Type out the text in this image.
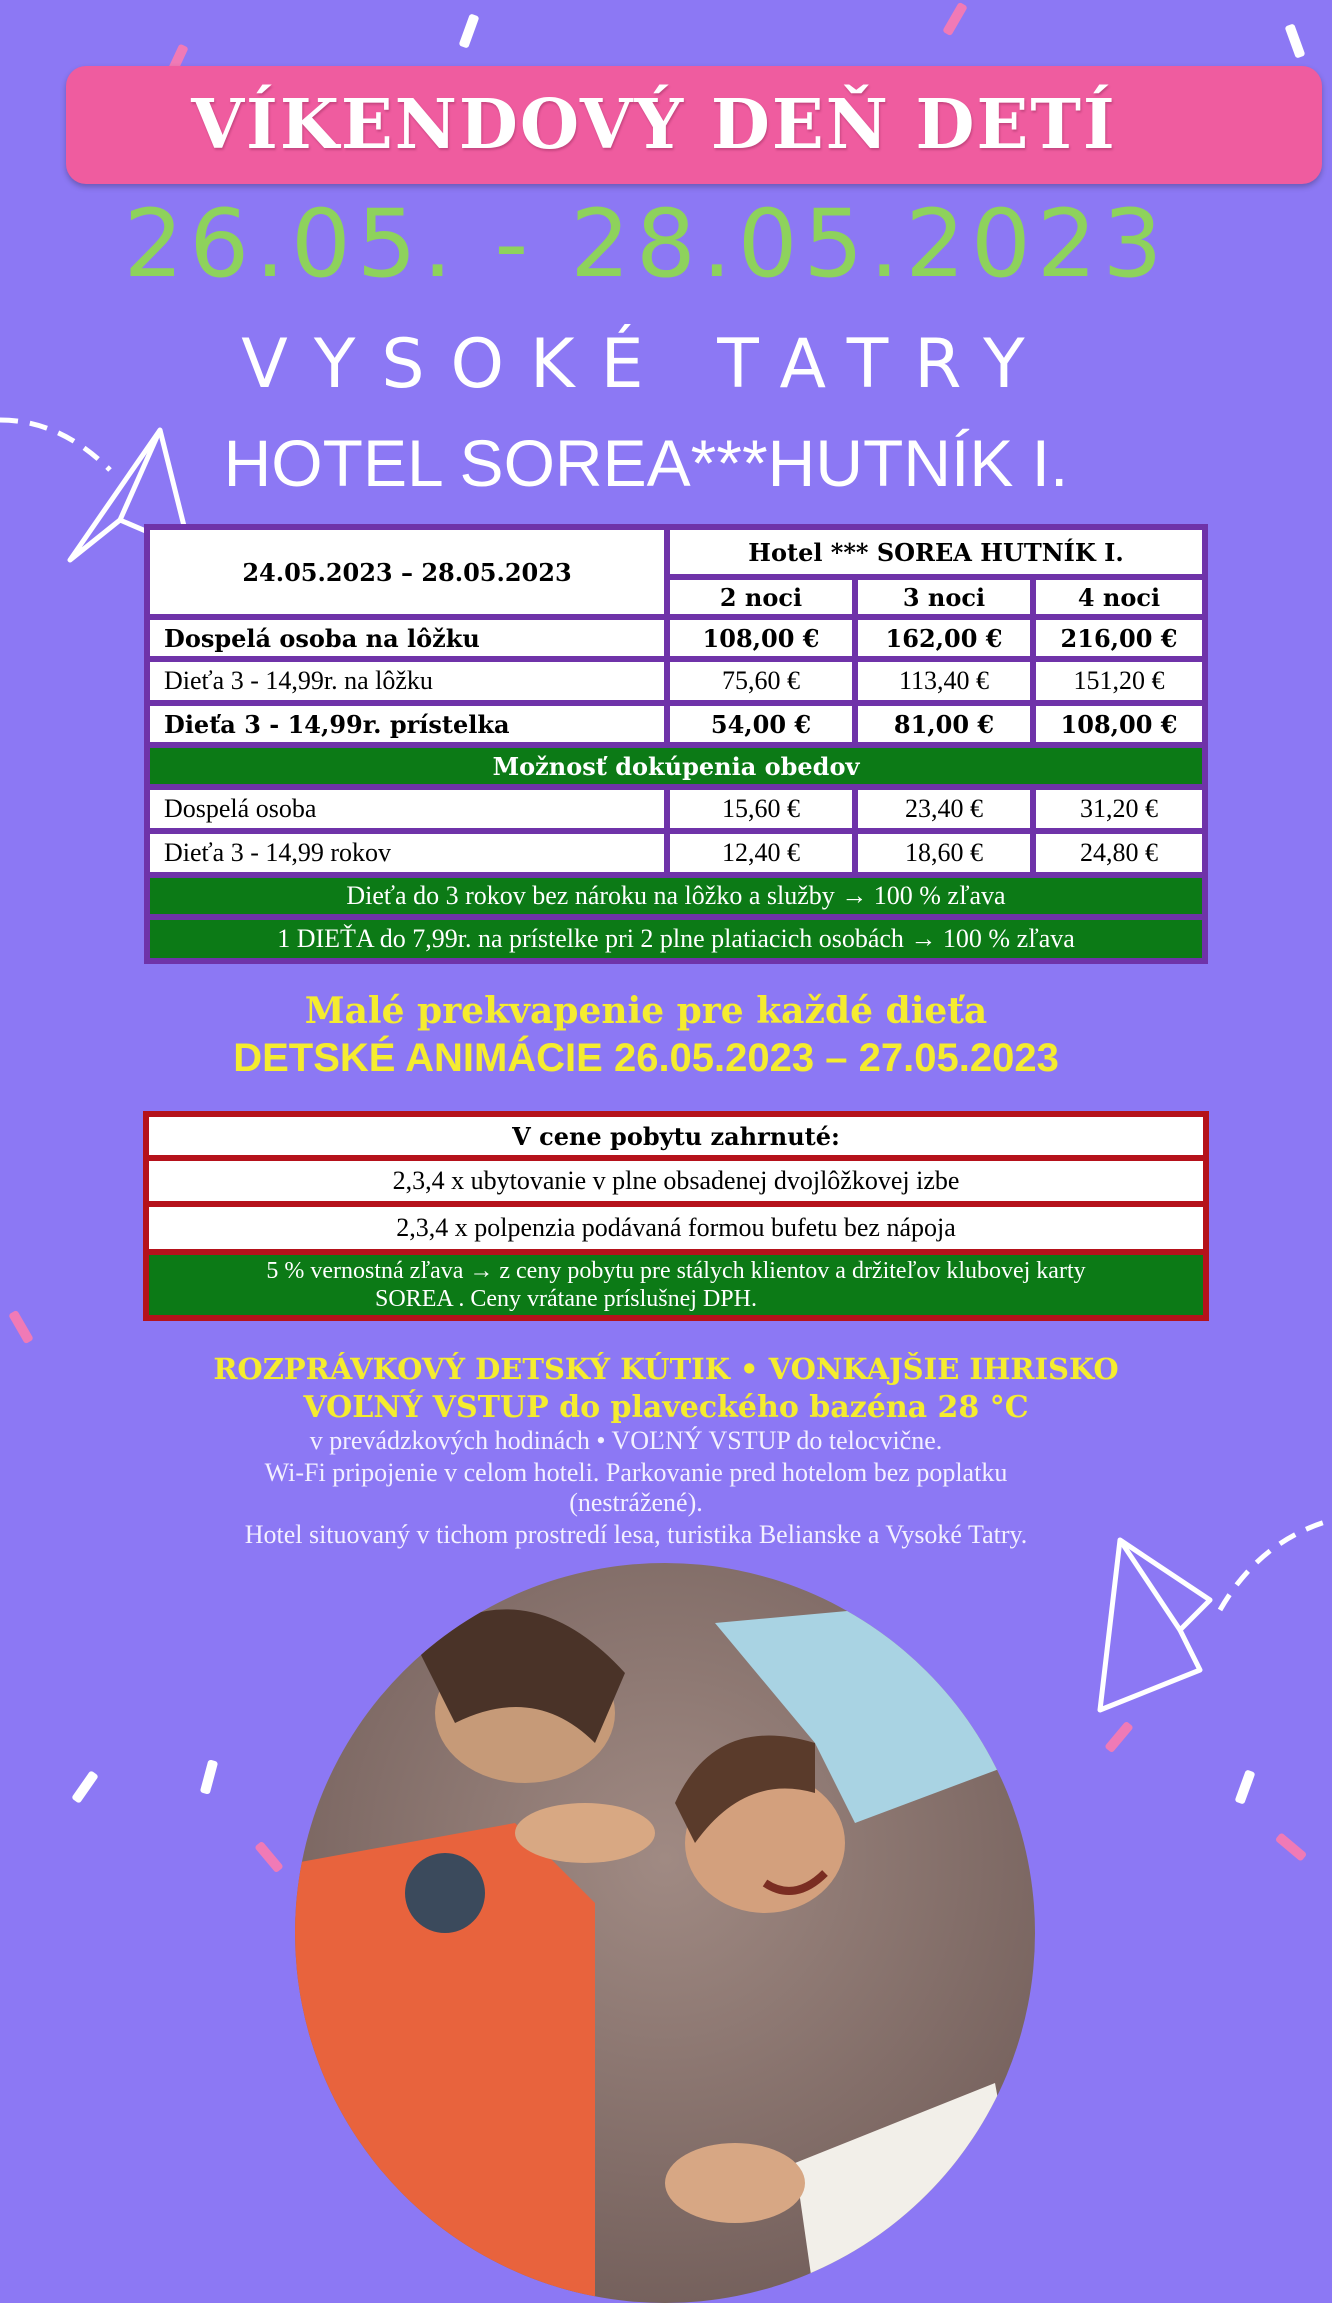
VÍKENDOVÝ DEŇ DETÍ
26.05. - 28.05.2023
VYSOKÉ TATRY
HOTEL SOREA***HUTNÍK I.
24.05.2023 – 28.05.2023
Hotel *** SOREA HUTNÍK I.
2 noci	3 noci	4 noci
Dospelá osoba na lôžku	108,00 €	162,00 €	216,00 €
Dieťa 3 - 14,99r. na lôžku	75,60 €	113,40 €	151,20 €
Dieťa 3 - 14,99r. prístelka	54,00 €	81,00 €	108,00 €
Možnosť dokúpenia obedov
Dospelá osoba	15,60 €	23,40 €	31,20 €
Dieťa 3 - 14,99 rokov	12,40 €	18,60 €	24,80 €
Dieťa do 3 rokov bez nároku na lôžko a služby → 100 % zľava
1 DIEŤA do 7,99r. na prístelke pri 2 plne platiacich osobách → 100 % zľava
Malé prekvapenie pre každé dieťa
DETSKÉ ANIMÁCIE 26.05.2023 – 27.05.2023
V cene pobytu zahrnuté:
2,3,4 x ubytovanie v plne obsadenej dvojlôžkovej izbe
2,3,4 x polpenzia podávaná formou bufetu bez nápoja
5 % vernostná zľava → z ceny pobytu pre stálych klientov a držiteľov klubovej karty
SOREA . Ceny vrátane príslušnej DPH.
ROZPRÁVKOVÝ DETSKÝ KÚTIK • VONKAJŠIE IHRISKO
VOĽNÝ VSTUP do plaveckého bazéna 28 °C
v prevádzkových hodinách • VOĽNÝ VSTUP do telocvične.
Wi-Fi pripojenie v celom hoteli. Parkovanie pred hotelom bez poplatku
(nestrážené).
Hotel situovaný v tichom prostredí lesa, turistika Belianske a Vysoké Tatry.
